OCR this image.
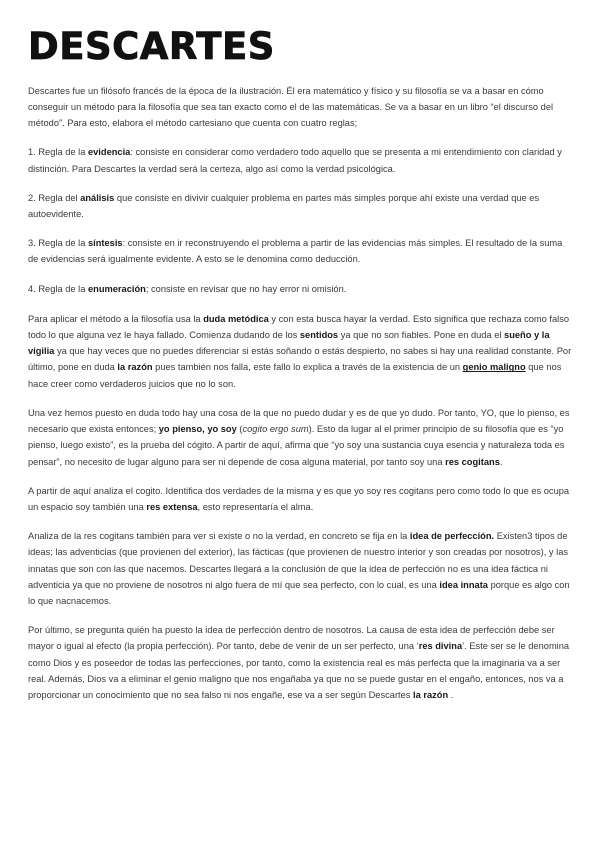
DESCARTES

Descartes fue un filósofo francés de la época de la ilustración. Él era matemático y físico y su filosofía se va a basar en cómo conseguir un método para la filosofía que sea tan exacto como el de las matemáticas. Se va a basar en un libro “el discurso del método”. Para esto, elabora el método cartesiano que cuenta con cuatro reglas;

1. Regla de la evidencia: consiste en considerar como verdadero todo aquello que se presenta a mi entendimiento con claridad y distinción. Para Descartes la verdad será la certeza, algo así como la verdad psicológica.

2. Regla del análisis que consiste en divivir cualquier problema en partes más simples porque ahí existe una verdad que es autoevidente.

3. Regla de la síntesis: consiste en ir reconstruyendo el problema a partir de las evidencias más simples. El resultado de la suma de evidencias será igualmente evidente. A esto se le denomina como deducción.

4. Regla de la enumeración; consiste en revisar que no hay error ni omisión.

Para aplicar el método a la filosofía usa la duda metódica y con esta busca hayar la verdad. Esto significa que rechaza como falso todo lo que alguna vez le haya fallado. Comienza dudando de los sentidos ya que no son fiables. Pone en duda el sueño y la vigilia ya que hay veces que no puedes diferenciar si estás soñando o estás despierto, no sabes si hay una realidad constante. Por último, pone en duda la razón pues también nos falla, este fallo lo explica a través de la existencia de un genio maligno que nos hace creer como verdaderos juicios que no lo son.

Una vez hemos puesto en duda todo hay una cosa de la que no puedo dudar y es de que yo dudo. Por tanto, YO, que lo pienso, es necesario que exista entonces; yo pienso, yo soy (cogito ergo sum). Esto da lugar al el primer principio de su filosofía que es “yo pienso, luego existo”, es la prueba del cógito. A partir de aquí, afirma que “yo soy una sustancia cuya esencia y naturaleza toda es pensar”, no necesito de lugar alguno para ser ni depende de cosa alguna material, por tanto soy una res cogitans.

A partir de aquí analiza el cogito. Identifica dos verdades de la misma y es que yo soy res cogitans pero como todo lo que es ocupa un espacio soy también una res extensa, esto representaría el alma.

Analiza de la res cogitans también para ver si existe o no la verdad, en concreto se fija en la idea de perfección. Existen3 tipos de ideas; las adventicias (que provienen del exterior), las fácticas (que provienen de nuestro interior y son creadas por nosotros), y las innatas que son con las que nacemos. Descartes llegará a la conclusión de que la idea de perfección no es una idea fáctica ni adventicia ya que no proviene de nosotros ni algo fuera de mí que sea perfecto, con lo cual, es una idea innata porque es algo con lo que nacnacemos.

Por último, se pregunta quién ha puesto la idea de perfección dentro de nosotros. La causa de esta idea de perfección debe ser mayor o igual al efecto (la propia perfección). Por tanto, debe de venir de un ser perfecto, una ‘res divina’. Este ser se le denomina como Dios y es poseedor de todas las perfecciones, por tanto, como la existencia real es más perfecta que la imaginaria va a ser real. Además, Dios va a eliminar el genio maligno que nos engañaba ya que no se puede gustar en el engaño, entonces, nos va a proporcionar un conocimiento que no sea falso ni nos engañe, ese va a ser según Descartes la razón .
